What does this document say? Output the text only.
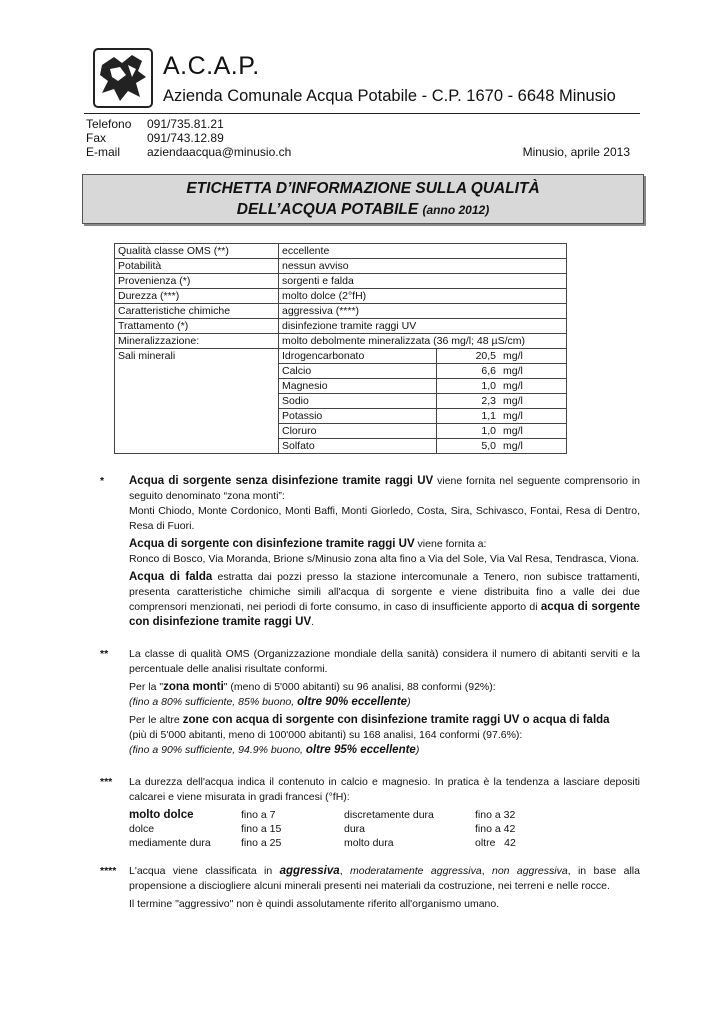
A.C.A.P.
Azienda Comunale Acqua Potabile - C.P. 1670 - 6648 Minusio
Telefono	091/735.81.21
Fax	091/743.12.89
E-mail	aziendaacqua@minusio.ch	Minusio, aprile 2013
ETICHETTA D’INFORMAZIONE SULLA QUALITÀ
DELL’ACQUA POTABILE (anno 2012)
Qualità classe OMS (**)	eccellente		
Potabilità	nessun avviso		
Provenienza (*)	sorgenti e falda		
Durezza (***)	molto dolce (2°fH)		
Caratteristiche chimiche	aggressiva (****)		
Trattamento (*)	disinfezione tramite raggi UV		
Mineralizzazione:	molto debolmente mineralizzata (36 mg/l; 48 µS/cm)		
Sali minerali	Idrogencarbonato	20,5	mg/l
	Calcio	6,6	mg/l
	Magnesio	1,0	mg/l
	Sodio	2,3	mg/l
	Potassio	1,1	mg/l
	Cloruro	1,0	mg/l
	Solfato	5,0	mg/l
*	Acqua di sorgente senza disinfezione tramite raggi UV viene fornita nel seguente comprensorio in seguito denominato “zona monti”:
Monti Chiodo, Monte Cordonico, Monti Baffi, Monti Giorledo, Costa, Sira, Schivasco, Fontai, Resa di Dentro, Resa di Fuori.

Acqua di sorgente con disinfezione tramite raggi UV viene fornita a:
Ronco di Bosco, Via Moranda, Brione s/Minusio zona alta fino a Via del Sole, Via Val Resa, Tendrasca, Viona.

Acqua di falda estratta dai pozzi presso la stazione intercomunale a Tenero, non subisce trattamenti, presenta caratteristiche chimiche simili all'acqua di sorgente e viene distribuita fino a valle dei due comprensori menzionati, nei periodi di forte consumo, in caso di insufficiente apporto di acqua di sorgente con disinfezione tramite raggi UV.

**	La classe di qualità OMS (Organizzazione mondiale della sanità) considera il numero di abitanti serviti e la percentuale delle analisi risultate conformi.

Per la "zona monti" (meno di 5'000 abitanti) su 96 analisi, 88 conformi (92%):
(fino a 80% sufficiente, 85% buono, oltre 90% eccellente)

Per le altre zone con acqua di sorgente con disinfezione tramite raggi UV o acqua di falda
(più di 5'000 abitanti, meno di 100'000 abitanti) su 168 analisi, 164 conformi (97.6%):
(fino a 90% sufficiente, 94.9% buono, oltre 95% eccellente)

***	La durezza dell'acqua indica il contenuto in calcio e magnesio. In pratica è la tendenza a lasciare depositi calcarei e viene misurata in gradi francesi (°fH):

molto dolce	fino a 7	discretamente dura	fino a 32
dolce	fino a 15	dura	fino a 42
mediamente dura	fino a 25	molto dura	oltre   42
****	L'acqua viene classificata in aggressiva, moderatamente aggressiva, non aggressiva, in base alla propensione a disciogliere alcuni minerali presenti nei materiali da costruzione, nei terreni e nelle rocce.

Il termine "aggressivo" non è quindi assolutamente riferito all'organismo umano.
